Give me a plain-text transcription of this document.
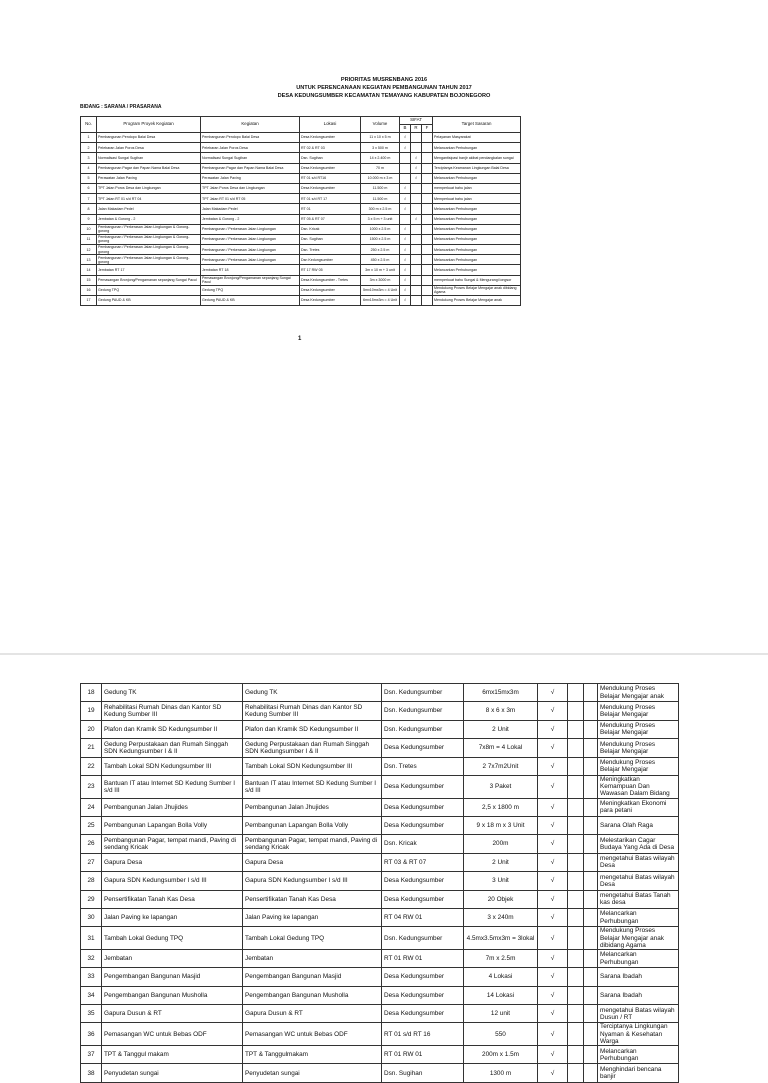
PRIORITAS MUSRENBANG 2016
UNTUK PERENCANAAN KEGIATAN PEMBANGUNAN TAHUN 2017
DESA KEDUNGSUMBER KECAMATAN TEMAYANG KABUPATEN BOJONEGORO
BIDANG : SARANA / PRASARANA
No.	Program Proyek Kegiatan	Kegiatan	Lokasi	Volume	SIFAT			Target Sasaran
					B	R	F	
1	Pembangunan Pendopo Balai Desa	Pembangunan Pendopo Balai Desa	Desa Kedungsumber	11 x 10 x 5 m	√			Pelayanan Masyarakat
2	Pelebaran Jalan Poros Desa	Pelebaran Jalan Poros Desa	RT 02 & RT 03	3 x 500 m	√			Melancarkan Perhubungan
3	Normalisasi Sungai Sugihan	Normalisasi Sungai Sugihan	Dsn. Sugihan	14 x 2.400 m		√		Mengantisipasi banjir akibat pendangkalan sungai
4	Pembangunan Pagar dan Papan Nama Balai Desa	Pembangunan Pagar dan Papan Nama Balai Desa	Desa Kedungsumber	70 m		√		Terciptanya Keamanan Lingkungan Balai Desa
5	Perawatan Jalan Paving	Perawatan Jalan Paving	RT 01 s/d RT16	10.000 m x 3 m		√		Melancarkan Perhubungan
6	TPT Jalan Poros Desa dan Lingkungan	TPT Jalan Poros Desa dan Lingkungan	Desa Kedungsumber	11.500 m	√			memperkuat bahu jalan
7	TPT Jalan RT 01 s/d RT 04	TPT Jalan RT 01 s/d RT 05	RT 01 s/d RT 17	11.500 m	√			Memperkuat bahu jalan
8	Jalan Makadam Pedel	Jalan Makadam Pedel	RT 01	300 m x 2.5 m	√			Melancarkan Perhubungan
9	Jembatan & Gorong - 2	Jembatan & Gorong - 2	RT 05 & RT 07	3 x 5 m + 3 unit		√		Melancarkan Perhubungan
10	Pembangunan / Perkerasan Jalan Lingkungan & Gorong-gorong	Pembangunan / Perkerasan Jalan Lingkungan	Dsn. Kricak	1000 x 2.5 m	√			Melancarkan Perhubungan
11	Pembangunan / Perkerasan Jalan Lingkungan & Gorong-gorong	Pembangunan / Perkerasan Jalan Lingkungan	Dsn. Sugihan	1500 x 2.5 m	√			Melancarkan Perhubungan
12	Pembangunan / Perkerasan Jalan Lingkungan & Gorong-gorong	Pembangunan / Perkerasan Jalan Lingkungan	Dsn. Tretes	250 x 2.5 m	√			Melancarkan Perhubungan
13	Pembangunan / Perkerasan Jalan Lingkungan & Gorong-gorong	Pembangunan / Perkerasan Jalan Lingkungan	Dsn Kedungsumber	450 x 2.5 m	√			Melancarkan Perhubungan
14	Jembatan RT 17	Jembatan RT 18	RT 17 RW 05	3m x 10 m + 3 unit	√			Melancarkan Perhubungan
15	Pemasangan Bronjong/Pengamanan sepanjang Sungai Pacul	Pemasangan Bronjong/Pengamanan sepanjang Sungai Pacul	Desa Kedungsumber - Tretes	3m x 3000 m	√			memperkuat bahu Sungai & Mengurangi longsor
16	Gedung TPQ	Gedung TPQ	Desa Kedungsumber	5mx10mx3m = 4 Unit	√			Mendukung Proses Belajar Mengajar anak dibidang Agama
17	Gedung PAUD & KB	Gedung PAUD & KB	Desa Kedungsumber	6mx15mx3m = 4 Unit	√			Mendukung Proses Belajar Mengajar anak
1
18	Gedung TK	Gedung TK	Dsn. Kedungsumber	6mx15mx3m	√			Mendukung Proses Belajar Mengajar anak
19	Rehabilitasi Rumah Dinas dan Kantor SD Kedung Sumber III	Rehabilitasi Rumah Dinas dan Kantor SD Kedung Sumber III	Dsn. Kedungsumber	8 x 6 x 3m	√			Mendukung Proses Belajar Mengajar
20	Plafon dan Kramik SD Kedungsumber II	Plafon dan Kramik SD Kedungsumber II	Dsn. Kedungsumber	2 Unit	√			Mendukung Proses Belajar Mengajar
21	Gedung Perpustakaan dan Rumah Singgah SDN Kedungsumber I & II	Gedung Perpustakaan dan Rumah Singgah SDN Kedungsumber I & II	Desa Kedungsumber	7x8m = 4 Lokal	√			Mendukung Proses Belajar Mengajar
22	Tambah Lokal SDN Kedungsumber III	Tambah Lokal SDN Kedungsumber III	Dsn. Tretes	2 7x7m2Unit	√			Mendukung Proses Belajar Mengajar
23	Bantuan IT atau Internet SD Kedung Sumber I s/d III	Bantuan IT atau Internet SD Kedung Sumber I s/d III	Desa Kedungsumber	3 Paket	√			Meningkatkan Kemampuan Dan Wawasan Dalam Bidang
24	Pembangunan Jalan Jhujides	Pembangunan Jalan Jhujides	Desa Kedungsumber	2,5 x 1800 m	√			Meningkatkan Ekonomi para petani
25	Pembangunan Lapangan Bolla Volly	Pembangunan Lapangan Bolla Volly	Desa Kedungsumber	9 x 18 m x 3 Unit	√			Sarana Olah Raga
26	Pembangunan Pagar, tempat mandi, Paving di sendang Kricak	Pembangunan Pagar, tempat mandi, Paving di sendang Kricak	Dsn. Kricak	200m	√			Melestarikan Cagar Budaya Yang Ada di Desa
27	Gapura Desa	Gapura Desa	RT 03 & RT 07	2 Unit	√			mengetahui Batas wilayah Desa
28	Gapura SDN Kedungsumber I s/d III	Gapura SDN Kedungsumber I s/d III	Desa Kedungsumber	3 Unit	√			mengetahui Batas wilayah Desa
29	Pensertifikatan Tanah Kas Desa	Pensertifikatan Tanah Kas Desa	Desa Kedungsumber	20 Objek	√			mengetahui Batas Tanah kas desa
30	Jalan Paving ke lapangan	Jalan Paving ke lapangan	RT 04 RW 01	3 x 240m	√			Melancarkan Perhubungan
31	Tambah Lokal Gedung TPQ	Tambah Lokal Gedung TPQ	Dsn. Kedungsumber	4.5mx3.5mx3m = 3lokal	√			Mendukung Proses Belajar Mengajar anak dibidang Agama
32	Jembatan	Jembatan	RT 01 RW 01	7m x 2.5m	√			Melancarkan Perhubungan
33	Pengembangan Bangunan Masjid	Pengembangan Bangunan Masjid	Desa Kedungsumber	4 Lokasi	√			Sarana Ibadah
34	Pengembangan Bangunan Musholla	Pengembangan Bangunan Musholla	Desa Kedungsumber	14 Lokasi	√			Sarana Ibadah
35	Gapura Dusun & RT	Gapura Dusun & RT	Desa Kedungsumber	12 unit	√			mengetahui Batas wilayah Dusun / RT
36	Pemasangan WC untuk Bebas ODF	Pemasangan WC untuk Bebas ODF	RT 01 s/d RT 16	550	√			Terciptanya Lingkungan Nyaman & Kesehatan Warga
37	TPT & Tanggul makam	TPT & Tanggulmakam	RT 01 RW 01	200m x 1.5m	√			Melancarkan Perhubungan
38	Penyudetan sungai	Penyudetan sungai	Dsn. Sugihan	1300 m	√			Menghindari bencana banjir
